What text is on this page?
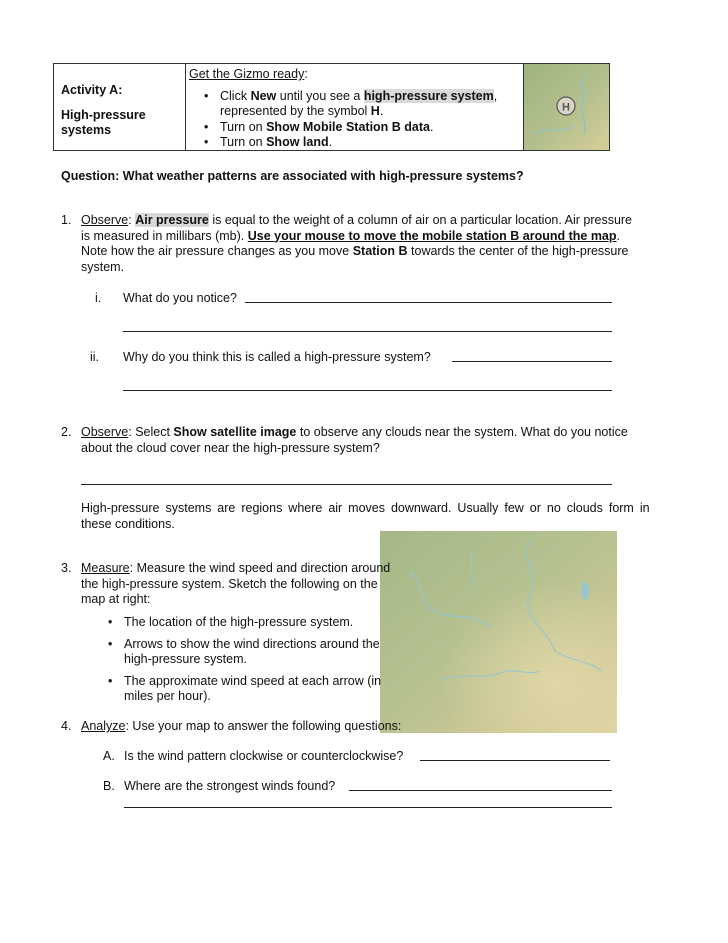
Activity A:
High-pressure
systems
Get the Gizmo ready:
• Click New until you see a high-pressure system,
represented by the symbol H.
• Turn on Show Mobile Station B data.
• Turn on Show land.
H
Question: What weather patterns are associated with high-pressure systems?
1. Observe: Air pressure is equal to the weight of a column of air on a particular location. Air pressure
is measured in millibars (mb). Use your mouse to move the mobile station B around the map.
Note how the air pressure changes as you move Station B towards the center of the high-pressure
system.
i. What do you notice?
ii. Why do you think this is called a high-pressure system?
2. Observe: Select Show satellite image to observe any clouds near the system. What do you notice
about the cloud cover near the high-pressure system?
High-pressure systems are regions where air moves downward. Usually few or no clouds form in
these conditions.
3. Measure: Measure the wind speed and direction around
the high-pressure system. Sketch the following on the
map at right:
• The location of the high-pressure system.
• Arrows to show the wind directions around the
high-pressure system.
• The approximate wind speed at each arrow (in
miles per hour).
4. Analyze: Use your map to answer the following questions:
A. Is the wind pattern clockwise or counterclockwise?
B. Where are the strongest winds found?
